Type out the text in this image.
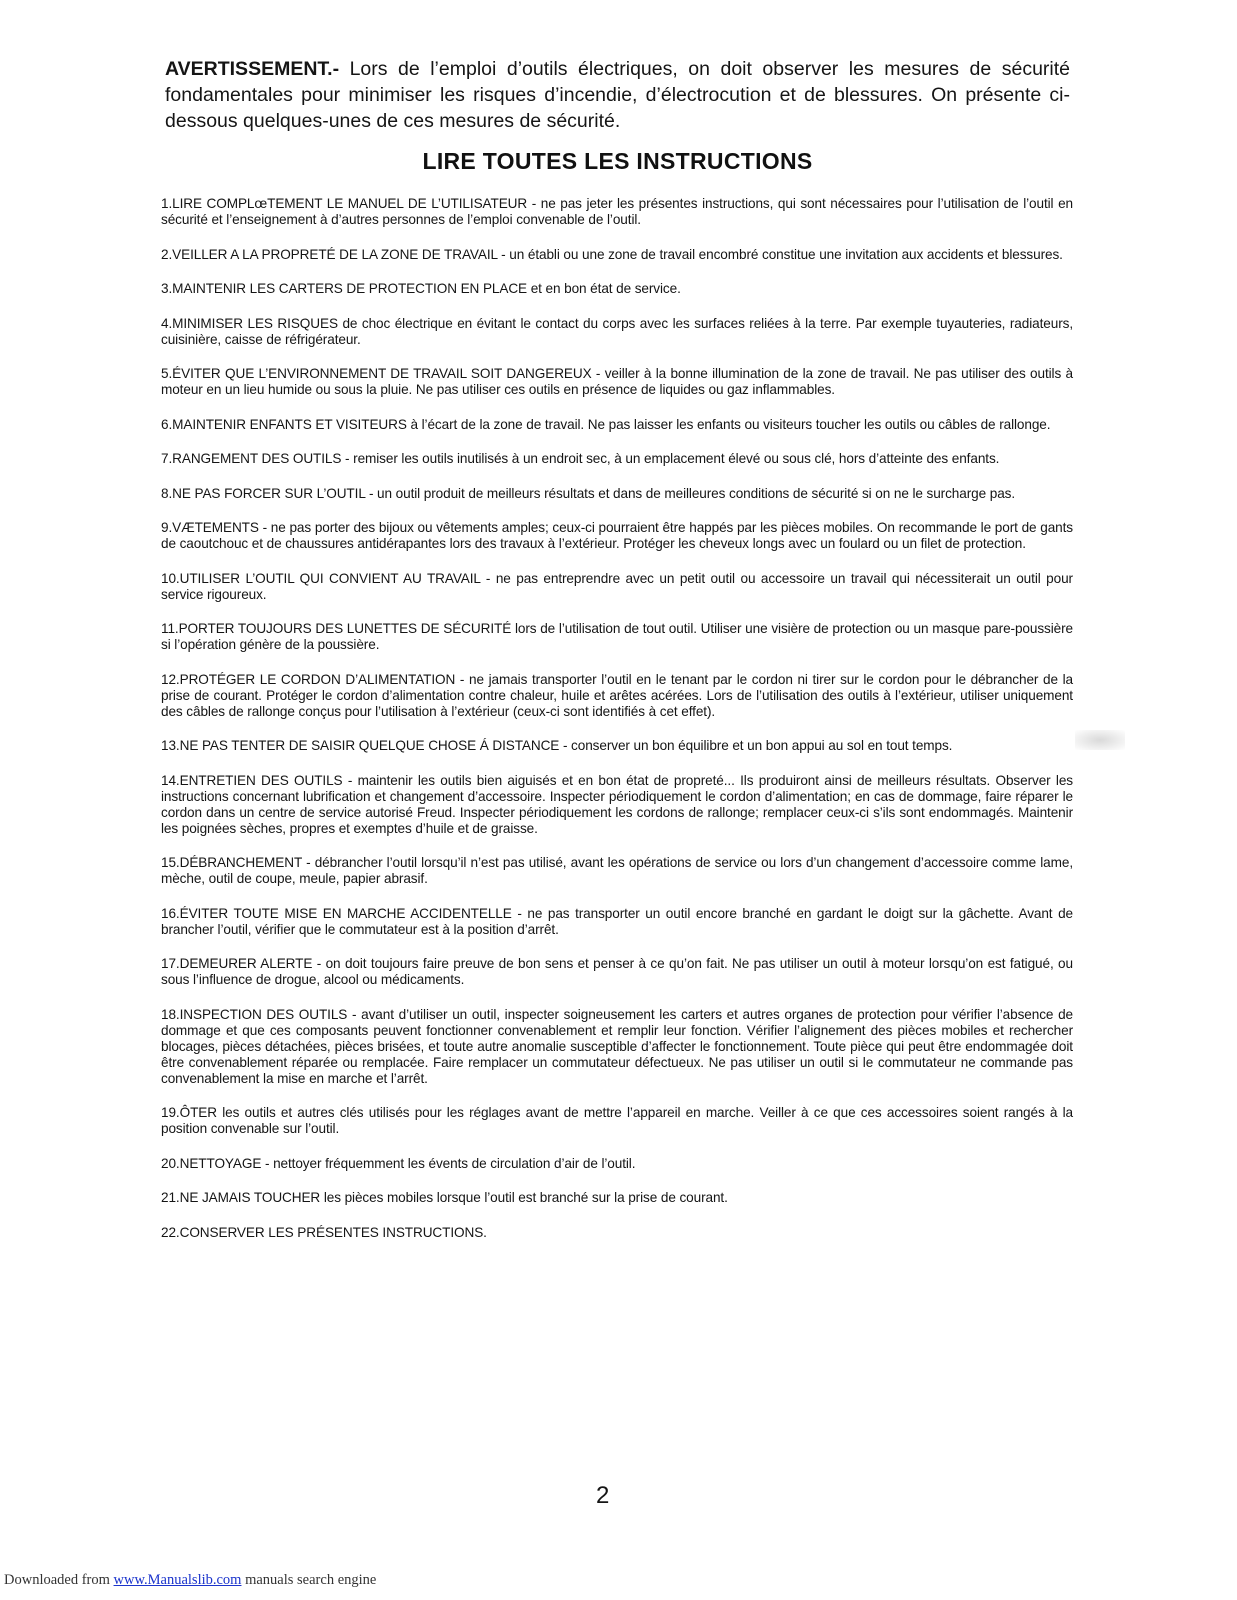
AVERTISSEMENT.- Lors de l’emploi d’outils électriques, on doit observer les mesures de sécurité fondamentales pour minimiser les risques d’incendie, d’électrocution et de blessures. On présente ci-dessous quelques-unes de ces mesures de sécurité.

LIRE TOUTES LES INSTRUCTIONS
1.LIRE COMPLœTEMENT LE MANUEL DE L’UTILISATEUR - ne pas jeter les présentes instructions, qui sont nécessaires pour l’utilisation de l’outil en sécurité et l’enseignement à d’autres personnes de l’emploi convenable de l’outil.
2.VEILLER A LA PROPRETÉ DE LA ZONE DE TRAVAIL - un établi ou une zone de travail encombré constitue une invitation aux accidents et blessures.
3.MAINTENIR LES CARTERS DE PROTECTION EN PLACE et en bon état de service.
4.MINIMISER LES RISQUES de choc électrique en évitant le contact du corps avec les surfaces reliées à la terre. Par exemple tuyauteries, radiateurs, cuisinière, caisse de réfrigérateur.
5.ÉVITER QUE L’ENVIRONNEMENT DE TRAVAIL SOIT DANGEREUX - veiller à la bonne illumination de la zone de travail. Ne pas utiliser des outils à moteur en un lieu humide ou sous la pluie. Ne pas utiliser ces outils en présence de liquides ou gaz inflammables.
6.MAINTENIR ENFANTS ET VISITEURS à l’écart de la zone de travail. Ne pas laisser les enfants ou visiteurs toucher les outils ou câbles de rallonge.
7.RANGEMENT DES OUTILS - remiser les outils inutilisés à un endroit sec, à un emplacement élevé ou sous clé, hors d’atteinte des enfants.
8.NE PAS FORCER SUR L’OUTIL - un outil produit de meilleurs résultats et dans de meilleures conditions de sécurité si on ne le surcharge pas.
9.VÆTEMENTS - ne pas porter des bijoux ou vêtements amples; ceux-ci pourraient être happés par les pièces mobiles. On recommande le port de gants de caoutchouc et de chaussures antidérapantes lors des travaux à l’extérieur. Protéger les cheveux longs avec un foulard ou un filet de protection.
10.UTILISER L’OUTIL QUI CONVIENT AU TRAVAIL - ne pas entreprendre avec un petit outil ou accessoire un travail qui nécessiterait un outil pour service rigoureux.
11.PORTER TOUJOURS DES LUNETTES DE SÉCURITÉ lors de l’utilisation de tout outil. Utiliser une visière de protection ou un masque pare-poussière si l’opération génère de la poussière.
12.PROTÉGER LE CORDON D’ALIMENTATION - ne jamais transporter l’outil en le tenant par le cordon ni tirer sur le cordon pour le débrancher de la prise de courant. Protéger le cordon d’alimentation contre chaleur, huile et arêtes acérées. Lors de l’utilisation des outils à l’extérieur, utiliser uniquement des câbles de rallonge conçus pour l’utilisation à l’extérieur (ceux-ci sont identifiés à cet effet).
13.NE PAS TENTER DE SAISIR QUELQUE CHOSE Á DISTANCE - conserver un bon équilibre et un bon appui au sol en tout temps.
14.ENTRETIEN DES OUTILS - maintenir les outils bien aiguisés et en bon état de propreté... Ils produiront ainsi de meilleurs résultats. Observer les instructions concernant lubrification et changement d’accessoire. Inspecter périodiquement le cordon d’alimentation; en cas de dommage, faire réparer le cordon dans un centre de service autorisé Freud. Inspecter périodiquement les cordons de rallonge; remplacer ceux-ci s’ils sont endommagés. Maintenir les poignées sèches, propres et exemptes d’huile et de graisse.
15.DÉBRANCHEMENT - débrancher l’outil lorsqu’il n’est pas utilisé, avant les opérations de service ou lors d’un changement d’accessoire comme lame, mèche, outil de coupe, meule, papier abrasif.
16.ÉVITER TOUTE MISE EN MARCHE ACCIDENTELLE - ne pas transporter un outil encore branché en gardant le doigt sur la gâchette. Avant de brancher l’outil, vérifier que le commutateur est à la position d’arrêt.
17.DEMEURER ALERTE - on doit toujours faire preuve de bon sens et penser à ce qu’on fait. Ne pas utiliser un outil à moteur lorsqu’on est fatigué, ou sous l’influence de drogue, alcool ou médicaments.
18.INSPECTION DES OUTILS - avant d’utiliser un outil, inspecter soigneusement les carters et autres organes de protection pour vérifier l’absence de dommage et que ces composants peuvent fonctionner convenablement et remplir leur fonction. Vérifier l’alignement des pièces mobiles et rechercher blocages, pièces détachées, pièces brisées, et toute autre anomalie susceptible d’affecter le fonctionnement. Toute pièce qui peut être endommagée doit être convenablement réparée ou remplacée. Faire remplacer un commutateur défectueux. Ne pas utiliser un outil si le commutateur ne commande pas convenablement la mise en marche et l’arrêt.
19.ÔTER les outils et autres clés utilisés pour les réglages avant de mettre l’appareil en marche. Veiller à ce que ces accessoires soient rangés à la position convenable sur l’outil.
20.NETTOYAGE - nettoyer fréquemment les évents de circulation d’air de l’outil.
21.NE JAMAIS TOUCHER les pièces mobiles lorsque l’outil est branché sur la prise de courant.
22.CONSERVER LES PRÉSENTES INSTRUCTIONS.
2
Downloaded from www.Manualslib.com manuals search engine
